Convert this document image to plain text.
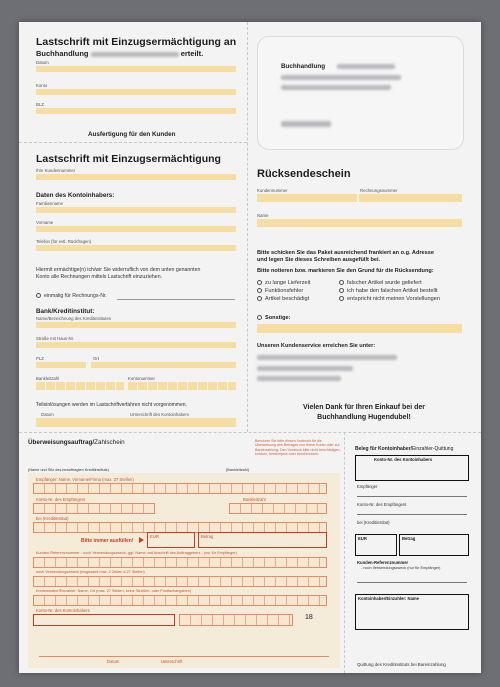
Lastschrift mit Einzugsermächtigung an
Buchhandlung	erteilt.
Datum
Konto
BLZ
Ausfertigung für den Kunden
Buchhandlung
Lastschrift mit Einzugsermächtigung
Ihre Kundennummer
Daten des Kontoinhabers:
Familienname
Vorname
Telefon (für evtl. Rückfragen)
Hiermit ermächtige(n) ich/wir Sie widerruflich von dem unten genannten
Konto alle Rechnungen mittels Lastschrift einzuziehen.
einmalig für Rechnungs-Nr.
Bank/Kreditinstitut:
Name/Bezeichnung des Kreditinstitutes
Straße mit Haus-Nr.
PLZ	Ort
Bankleitzahl	Kontonummer
Teileinlösungen werden im Lastschriftverfahren nicht vorgenommen.
Datum	Unterschrift des Kontoinhabers
Rücksendeschein
Kundennummer	Rechnungsnummer
Name
Bitte schicken Sie das Paket ausreichend frankiert an o.g. Adresse
und legen Sie dieses Schreiben ausgefüllt bei.
Bitte notieren bzw. markieren Sie den Grund für die Rücksendung:
zu lange Lieferzeit
Funktionsfehler
Artikel beschädigt
falscher Artikel wurde geliefert
ich habe den falschen Artikel bestellt
entspricht nicht meinen Vorstellungen
Sonstige:
Unseren Kundenservice erreichen Sie unter:
Vielen Dank für Ihren Einkauf bei der
Buchhandlung Hugendubel!
Überweisungsauftrag/Zahlschein	Benutzen Sie bitte diesen Vordruck für die Überweisung des Betrages von Ihrem Konto oder zur Bareinzahlung. Den Vordruck bitte nicht beschädigen, knicken, bestempeln oder beschmutzen.
(Name und Sitz des beauftragten Kreditinstituts)	(Bankleitzahl)
Empfänger: Name, Vorname/Firma (max. 27 Stellen)
Konto-Nr. des Empfängers	Bankleitzahl
bei (Kreditinstitut)
Bitte immer ausfüllen!
EUR	Betrag
Kunden-Referenznummer - noch Verwendungszweck, ggf. Name und Anschrift des Auftraggebers - (nur für Empfänger)
noch Verwendungszweck (insgesamt max. 2 Zeilen à 27 Stellen)
Kontoinhaber/Einzahler: Name, Ort (max. 27 Stellen, keine Straßen- oder Postfachangaben)
Konto-Nr. des Kontoinhabers
18
Datum	Unterschrift
Beleg für Kontoinhaber/Einzahler-Quittung
Konto-Nr. des Kontoinhabers
Empfänger
Konto-Nr. des Empfängers
bei (Kreditinstitut)
EUR	Betrag
Kunden-Referenznummer
- noch Verwendungszweck (nur für Empfänger)
Kontoinhaber/Einzahler: Name
Quittung des Kreditinstituts bei Bareinzahlung
